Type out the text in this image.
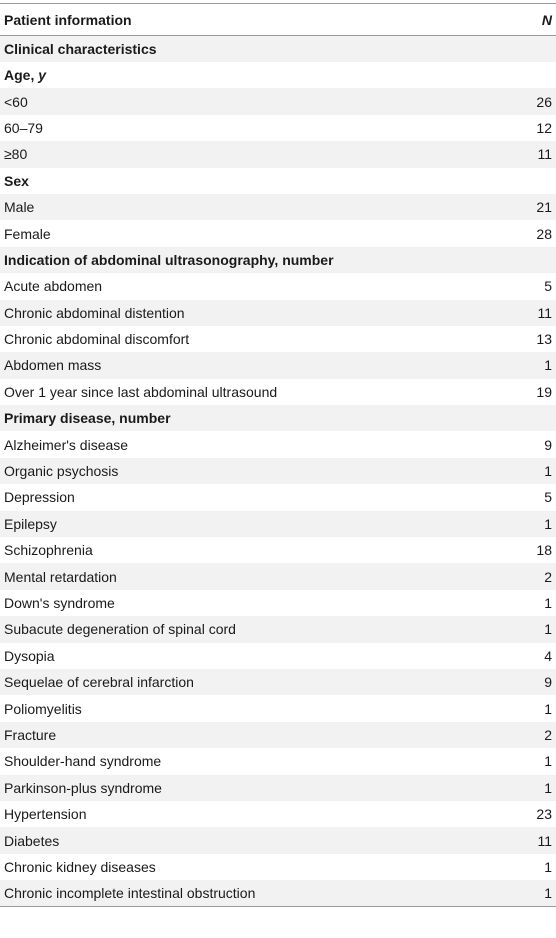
Patient information	N
Clinical characteristics	
Age, y	
<60	26
60–79	12
≥80	11
Sex	
Male	21
Female	28
Indication of abdominal ultrasonography, number	
Acute abdomen	5
Chronic abdominal distention	11
Chronic abdominal discomfort	13
Abdomen mass	1
Over 1 year since last abdominal ultrasound	19
Primary disease, number	
Alzheimer's disease	9
Organic psychosis	1
Depression	5
Epilepsy	1
Schizophrenia	18
Mental retardation	2
Down's syndrome	1
Subacute degeneration of spinal cord	1
Dysopia	4
Sequelae of cerebral infarction	9
Poliomyelitis	1
Fracture	2
Shoulder-hand syndrome	1
Parkinson-plus syndrome	1
Hypertension	23
Diabetes	11
Chronic kidney diseases	1
Chronic incomplete intestinal obstruction	1
